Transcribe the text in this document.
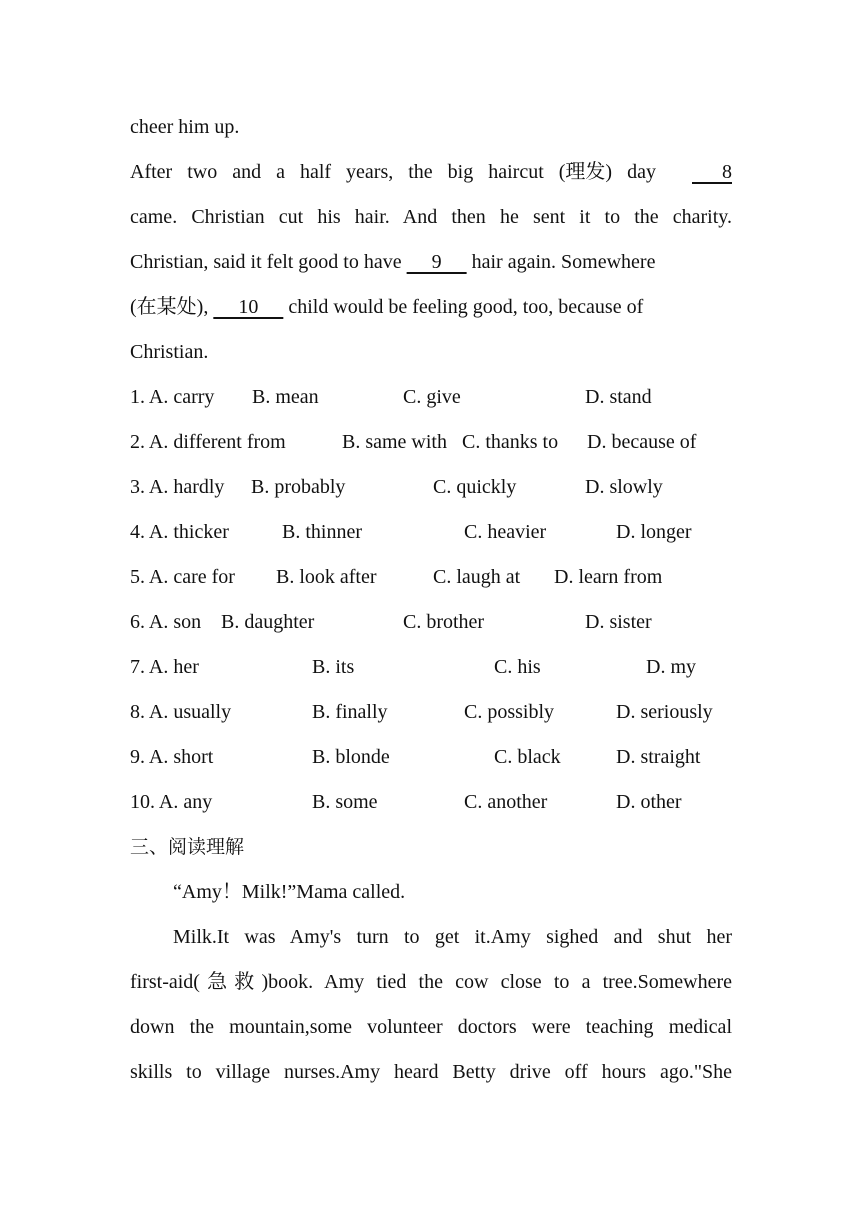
cheer him up.
After two and a half years, the big haircut (理发) day 8
came. Christian cut his hair. And then he sent it to the charity.
Christian, said it felt good to have      9      hair again. Somewhere
(在某处),      10      child would be feeling good, too, because of
Christian.
1. A. carry B. mean	C. give	D. stand
2. A. different from	B. same with C. thanks to D. because of
3. A. hardly B. probably	C. quickly	D. slowly
4. A. thicker	B. thinner	C. heavier	D. longer
5. A. care for B. look after	C. laugh at D. learn from
6. A. son B. daughter	C. brother	D. sister
7. A. her	B. its	C. his	D. my
8. A. usually	B. finally	C. possibly	D. seriously
9. A. short	B. blonde	C. black	D. straight
10. A. any	B. some	C. another	D. other
三、阅读理解
“Amy！Milk!”Mama called.
Milk.It was Amy's turn to get it.Amy sighed and shut her
first-aid(急救)book. Amy tied the cow close to a tree.Somewhere
down the mountain,some volunteer doctors were teaching medical
skills to village nurses.Amy heard Betty drive off hours ago."She
